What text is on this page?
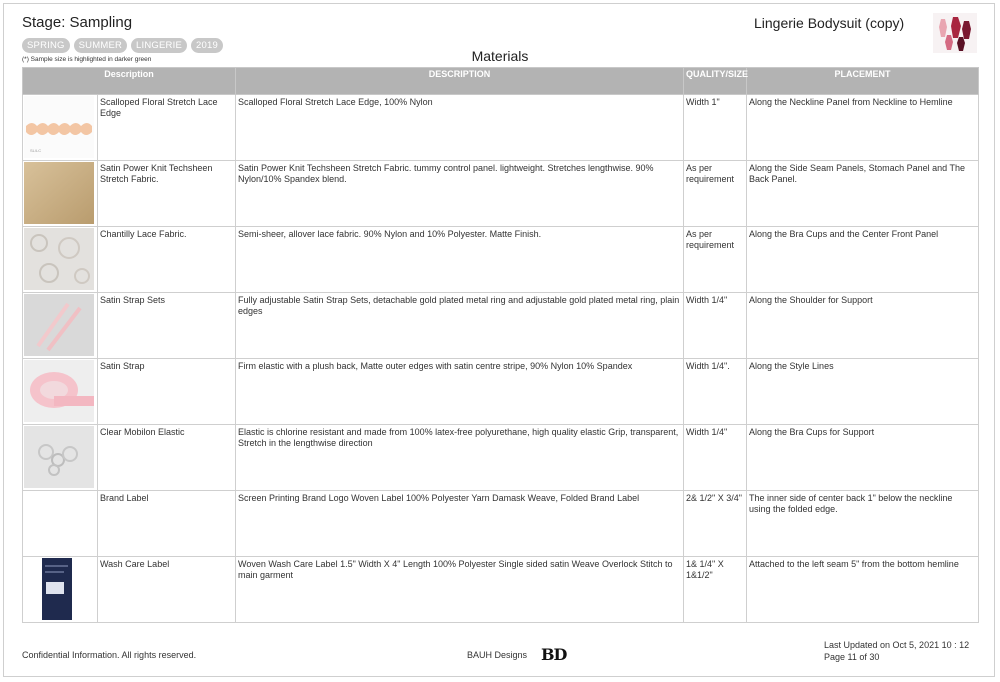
Stage: Sampling	Lingerie Bodysuit (copy)
SPRING	SUMMER	LINGERIE	2019
(*) Sample size is highlighted in darker green	Materials
Description		DESCRIPTION	QUALITY/SIZE	PLACEMENT

SL/LC	Scalloped Floral Stretch Lace Edge	Scalloped Floral Stretch Lace Edge, 100% Nylon	Width 1"	Along the Neckline Panel from Neckline to Hemline

	Satin Power Knit Techsheen Stretch Fabric.	Satin Power Knit Techsheen Stretch Fabric. tummy control panel. lightweight. Stretches lengthwise. 90% Nylon/10% Spandex blend.	As per requirement	Along the Side Seam Panels, Stomach Panel and The Back Panel.

	Chantilly Lace Fabric.	Semi-sheer, allover lace fabric. 90% Nylon and 10% Polyester. Matte Finish.	As per requirement	Along the Bra Cups and the Center Front Panel

	Satin Strap Sets	Fully adjustable Satin Strap Sets, detachable gold plated metal ring and adjustable gold plated metal ring, plain edges	Width 1/4"	Along the Shoulder for Support

	Satin Strap	Firm elastic with a plush back, Matte outer edges with satin centre stripe, 90% Nylon 10% Spandex	Width 1/4".	Along the Style Lines

	Clear Mobilon Elastic	Elastic is chlorine resistant and made from 100% latex-free polyurethane, high quality elastic Grip, transparent, Stretch in the lengthwise direction	Width 1/4"	Along the Bra Cups for Support
	Brand Label	Screen Printing Brand Logo Woven Label 100% Polyester Yarn Damask Weave, Folded Brand Label	2& 1/2" X 3/4"	The inner side of center back 1" below the neckline using the folded edge.

	Wash Care Label	Woven Wash Care Label 1.5" Width X 4" Length 100% Polyester Single sided satin Weave Overlock Stitch to main garment	1& 1/4" X 1&1/2"	Attached to the left seam 5" from the bottom hemline
Confidential Information. All rights reserved.	BAUH Designs BD	Last Updated on Oct 5, 2021 10 : 12
Page 11 of 30
